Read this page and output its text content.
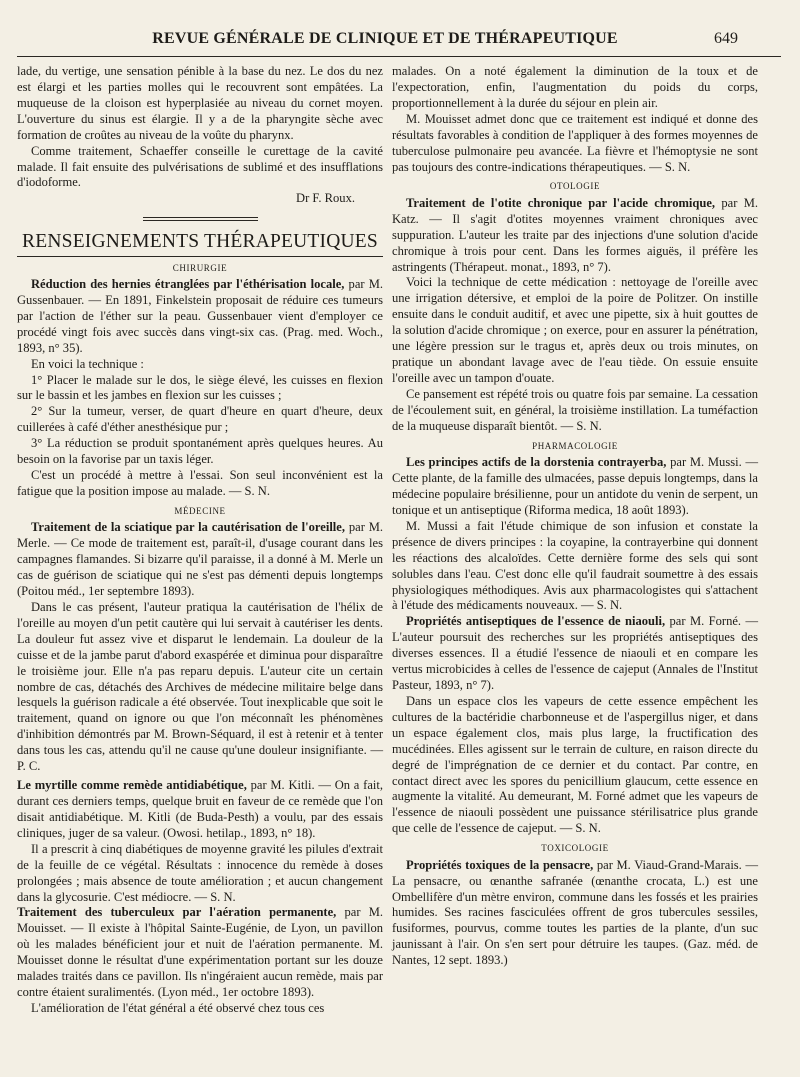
REVUE GÉNÉRALE DE CLINIQUE ET DE THÉRAPEUTIQUE	649

lade, du vertige, une sensation pénible à la base du nez. Le dos du nez est élargi et les parties molles qui le recouvrent sont empâtées. La muqueuse de la cloison est hyperplasiée au niveau du cornet moyen. L'ouverture du sinus est élargie. Il y a de la pharyngite sèche avec formation de croûtes au niveau de la voûte du pharynx.

Comme traitement, Schaeffer conseille le curettage de la cavité malade. Il fait ensuite des pulvérisations de sublimé et des insufflations d'iodoforme.

Dr F. Roux.

RENSEIGNEMENTS THÉRAPEUTIQUES
CHIRURGIE

Réduction des hernies étranglées par l'éthérisation locale, par M. Gussenbauer. — En 1891, Finkelstein proposait de réduire ces tumeurs par l'action de l'éther sur la peau. Gussenbauer vient d'employer ce procédé vingt fois avec succès dans vingt-six cas. (Prag. med. Woch., 1893, n° 35).

En voici la technique :

1° Placer le malade sur le dos, le siège élevé, les cuisses en flexion sur le bassin et les jambes en flexion sur les cuisses ;

2° Sur la tumeur, verser, de quart d'heure en quart d'heure, deux cuillerées à café d'éther anesthésique pur ;

3° La réduction se produit spontanément après quelques heures. Au besoin on la favorise par un taxis léger.

C'est un procédé à mettre à l'essai. Son seul inconvénient est la fatigue que la position impose au malade. — S. N.

MÉDECINE

Traitement de la sciatique par la cautérisation de l'oreille, par M. Merle. — Ce mode de traitement est, paraît-il, d'usage courant dans les campagnes flamandes. Si bizarre qu'il paraisse, il a donné à M. Merle un cas de guérison de sciatique qui ne s'est pas démenti depuis longtemps (Poitou méd., 1er septembre 1893).

Dans le cas présent, l'auteur pratiqua la cautérisation de l'hélix de l'oreille au moyen d'un petit cautère qui lui servait à cautériser les dents. La douleur fut assez vive et disparut le lendemain. La douleur de la cuisse et de la jambe parut d'abord exaspérée et diminua pour disparaître le troisième jour. Elle n'a pas reparu depuis. L'auteur cite un certain nombre de cas, détachés des Archives de médecine militaire belge dans lesquels la guérison radicale a été observée. Tout inexplicable que soit le traitement, quand on ignore ou que l'on méconnaît les phénomènes d'inhibition démontrés par M. Brown-Séquard, il est à retenir et à tenter dans tous les cas, attendu qu'il ne cause qu'une douleur insignifiante. — P. C.

Le myrtille comme remède antidiabétique, par M. Kitli. — On a fait, durant ces derniers temps, quelque bruit en faveur de ce remède que l'on disait antidiabétique. M. Kitli (de Buda-Pesth) a voulu, par des essais cliniques, juger de sa valeur. (Owosi. hetilap., 1893, n° 18).

Il a prescrit à cinq diabétiques de moyenne gravité les pilules d'extrait de la feuille de ce végétal. Résultats : innocence du remède à doses prolongées ; mais absence de toute amélioration ; et aucun changement dans la glycosurie. C'est médiocre. — S. N.

Traitement des tuberculeux par l'aération permanente, par M. Mouisset. — Il existe à l'hôpital Sainte-Eugénie, de Lyon, un pavillon où les malades bénéficient jour et nuit de l'aération permanente. M. Mouisset donne le résultat d'une expérimentation portant sur les douze malades traités dans ce pavillon. Ils n'ingéraient aucun remède, mais par contre étaient suralimentés. (Lyon méd., 1er octobre 1893).

L'amélioration de l'état général a été observé chez tous ces

malades. On a noté également la diminution de la toux et de l'expectoration, enfin, l'augmentation du poids du corps, proportionnellement à la durée du séjour en plein air.

M. Mouisset admet donc que ce traitement est indiqué et donne des résultats favorables à condition de l'appliquer à des formes moyennes de tuberculose pulmonaire peu avancée. La fièvre et l'hémoptysie ne sont pas toujours des contre-indications thérapeutiques. — S. N.

OTOLOGIE

Traitement de l'otite chronique par l'acide chromique, par M. Katz. — Il s'agit d'otites moyennes vraiment chroniques avec suppuration. L'auteur les traite par des injections d'une solution d'acide chromique à trois pour cent. Dans les formes aiguës, il préfère les astringents (Thérapeut. monat., 1893, n° 7).

Voici la technique de cette médication : nettoyage de l'oreille avec une irrigation détersive, et emploi de la poire de Politzer. On instille ensuite dans le conduit auditif, et avec une pipette, six à huit gouttes de la solution d'acide chromique ; on exerce, pour en assurer la pénétration, une légère pression sur le tragus et, après deux ou trois minutes, on pratique un abondant lavage avec de l'eau tiède. On essuie ensuite l'oreille avec un tampon d'ouate.

Ce pansement est répété trois ou quatre fois par semaine. La cessation de l'écoulement suit, en général, la troisième instillation. La tuméfaction de la muqueuse disparaît bientôt. — S. N.

PHARMACOLOGIE

Les principes actifs de la dorstenia contrayerba, par M. Mussi. — Cette plante, de la famille des ulmacées, passe depuis longtemps, dans la médecine populaire brésilienne, pour un antidote du venin de serpent, un tonique et un antiseptique (Riforma medica, 18 août 1893).

M. Mussi a fait l'étude chimique de son infusion et constate la présence de divers principes : la coyapine, la contrayerbine qui donnent les réactions des alcaloïdes. Cette dernière forme des sels qui sont solubles dans l'eau. C'est donc elle qu'il faudrait soumettre à des essais physiologiques méthodiques. Avis aux pharmacologistes qui s'attachent à l'étude des médicaments nouveaux. — S. N.

Propriétés antiseptiques de l'essence de niaouli, par M. Forné. — L'auteur poursuit des recherches sur les propriétés antiseptiques des diverses essences. Il a étudié l'essence de niaouli et en compare les vertus microbicides à celles de l'essence de cajeput (Annales de l'Institut Pasteur, 1893, n° 7).

Dans un espace clos les vapeurs de cette essence empêchent les cultures de la bactéridie charbonneuse et de l'aspergillus niger, et dans un espace également clos, mais plus large, la fructification des mucédinées. Elles agissent sur le terrain de culture, en raison directe du degré de l'imprégnation de ce dernier et du contact. Par contre, en contact direct avec les spores du penicillium glaucum, cette essence en augmente la vitalité. Au demeurant, M. Forné admet que les vapeurs de l'essence de niaouli possèdent une puissance stérilisatrice plus grande que celle de l'essence de cajeput. — S. N.

TOXICOLOGIE

Propriétés toxiques de la pensacre, par M. Viaud-Grand-Marais. — La pensacre, ou œnanthe safranée (œnanthe crocata, L.) est une Ombellifère d'un mètre environ, commune dans les fossés et les prairies humides. Ses racines fasciculées offrent de gros tubercules sessiles, fusiformes, pourvus, comme toutes les parties de la plante, d'un suc jaunissant à l'air. On s'en sert pour détruire les taupes. (Gaz. méd. de Nantes, 12 sept. 1893.)
